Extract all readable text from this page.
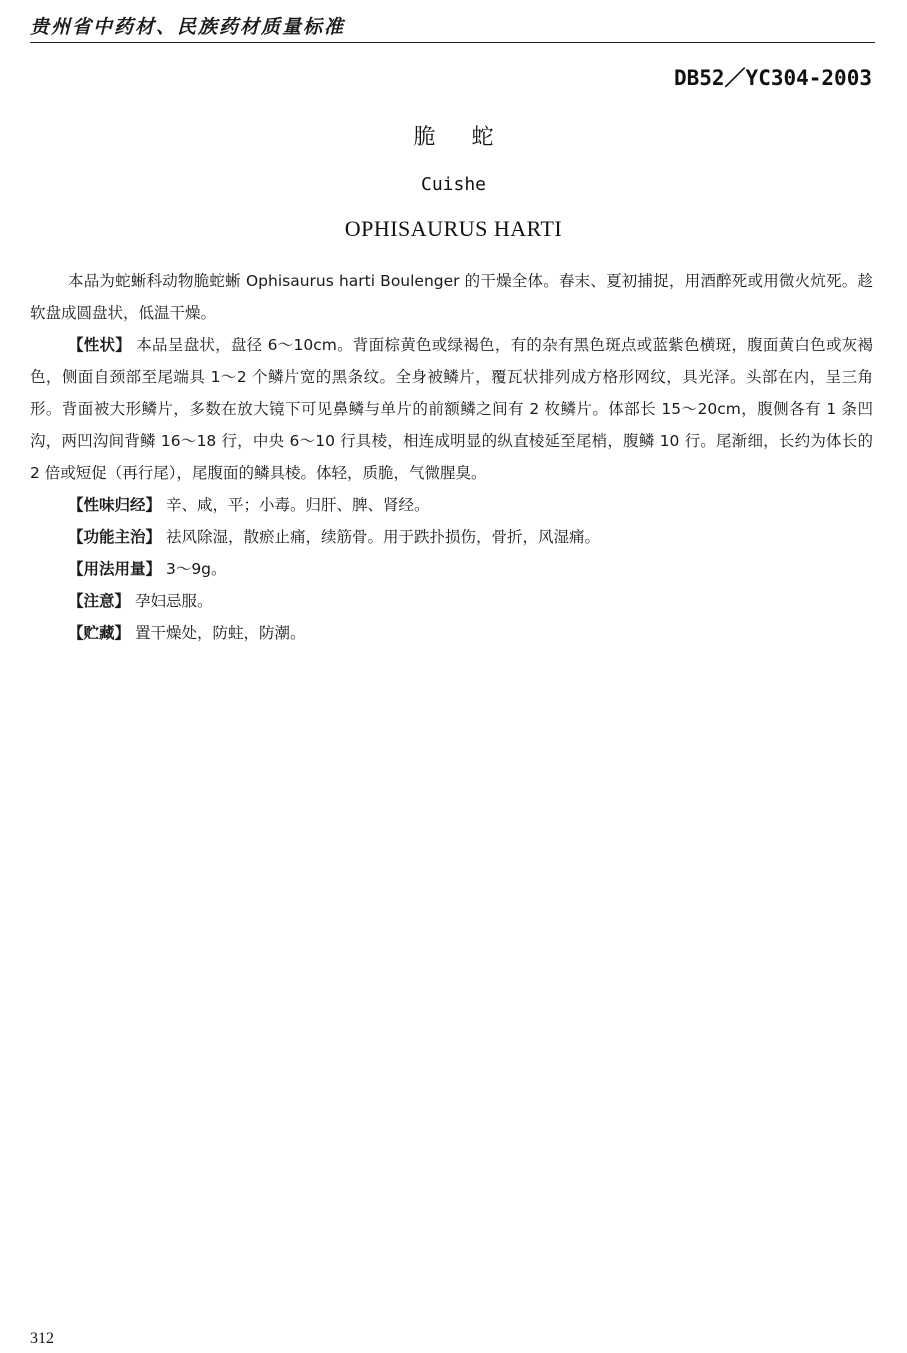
贵州省中药材、民族药材质量标准
DB52／YC304-2003
脆蛇
Cuishe
OPHISAURUS HARTI

本品为蛇蜥科动物脆蛇蜥 Ophisaurus harti Boulenger 的干燥全体。春末、夏初捕捉，用酒醉死或用微火炕死。趁软盘成圆盘状，低温干燥。

【性状】 本品呈盘状，盘径 6～10cm。背面棕黄色或绿褐色，有的杂有黑色斑点或蓝紫色横斑，腹面黄白色或灰褐色，侧面自颈部至尾端具 1～2 个鳞片宽的黑条纹。全身被鳞片，覆瓦状排列成方格形网纹，具光泽。头部在内，呈三角形。背面被大形鳞片，多数在放大镜下可见鼻鳞与单片的前额鳞之间有 2 枚鳞片。体部长 15～20cm，腹侧各有 1 条凹沟，两凹沟间背鳞 16～18 行，中央 6～10 行具棱，相连成明显的纵直棱延至尾梢，腹鳞 10 行。尾渐细，长约为体长的 2 倍或短促（再行尾），尾腹面的鳞具棱。体轻，质脆，气微腥臭。

【性味归经】 辛、咸，平；小毒。归肝、脾、肾经。

【功能主治】 祛风除湿，散瘀止痛，续筋骨。用于跌扑损伤，骨折，风湿痛。

【用法用量】 3～9g。

【注意】 孕妇忌服。

【贮藏】 置干燥处，防蛀，防潮。

312
